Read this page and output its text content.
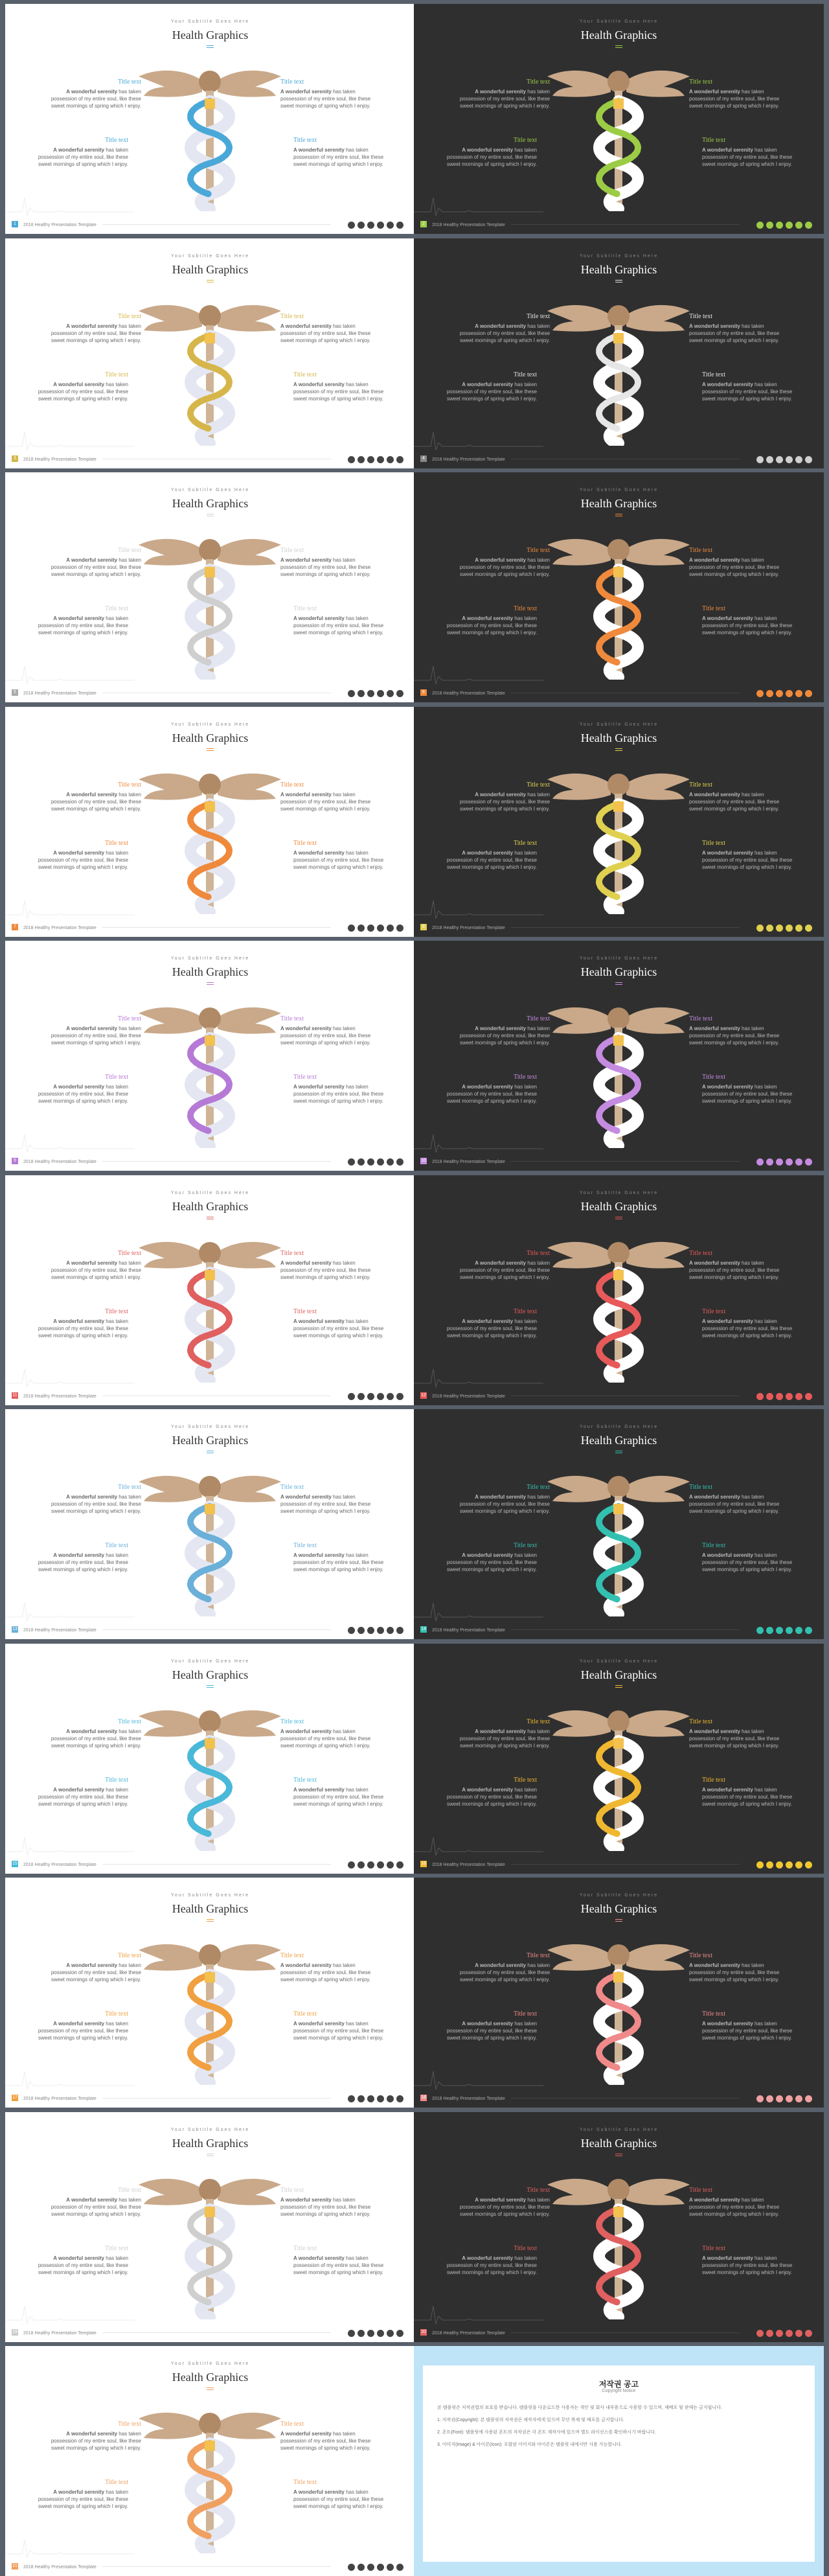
Your Subtitle Goes Here
Health Graphics
Title text
A wonderful serenity has taken possession of my entire soul, like these sweet mornings of spring which I enjoy.
Title text
A wonderful serenity has taken possession of my entire soul, like these sweet mornings of spring which I enjoy.
Title text
A wonderful serenity has taken possession of my entire soul, like these sweet mornings of spring which I enjoy.
Title text
A wonderful serenity has taken possession of my entire soul, like these sweet mornings of spring which I enjoy.
1	2018 Healthy Presentation Template
Your Subtitle Goes Here
Health Graphics
Title text
A wonderful serenity has taken possession of my entire soul, like these sweet mornings of spring which I enjoy.
Title text
A wonderful serenity has taken possession of my entire soul, like these sweet mornings of spring which I enjoy.
Title text
A wonderful serenity has taken possession of my entire soul, like these sweet mornings of spring which I enjoy.
Title text
A wonderful serenity has taken possession of my entire soul, like these sweet mornings of spring which I enjoy.
2	2018 Healthy Presentation Template
Your Subtitle Goes Here
Health Graphics
Title text
A wonderful serenity has taken possession of my entire soul, like these sweet mornings of spring which I enjoy.
Title text
A wonderful serenity has taken possession of my entire soul, like these sweet mornings of spring which I enjoy.
Title text
A wonderful serenity has taken possession of my entire soul, like these sweet mornings of spring which I enjoy.
Title text
A wonderful serenity has taken possession of my entire soul, like these sweet mornings of spring which I enjoy.
3	2018 Healthy Presentation Template
Your Subtitle Goes Here
Health Graphics
Title text
A wonderful serenity has taken possession of my entire soul, like these sweet mornings of spring which I enjoy.
Title text
A wonderful serenity has taken possession of my entire soul, like these sweet mornings of spring which I enjoy.
Title text
A wonderful serenity has taken possession of my entire soul, like these sweet mornings of spring which I enjoy.
Title text
A wonderful serenity has taken possession of my entire soul, like these sweet mornings of spring which I enjoy.
4	2018 Healthy Presentation Template
Your Subtitle Goes Here
Health Graphics
Title text
A wonderful serenity has taken possession of my entire soul, like these sweet mornings of spring which I enjoy.
Title text
A wonderful serenity has taken possession of my entire soul, like these sweet mornings of spring which I enjoy.
Title text
A wonderful serenity has taken possession of my entire soul, like these sweet mornings of spring which I enjoy.
Title text
A wonderful serenity has taken possession of my entire soul, like these sweet mornings of spring which I enjoy.
5	2018 Healthy Presentation Template
Your Subtitle Goes Here
Health Graphics
Title text
A wonderful serenity has taken possession of my entire soul, like these sweet mornings of spring which I enjoy.
Title text
A wonderful serenity has taken possession of my entire soul, like these sweet mornings of spring which I enjoy.
Title text
A wonderful serenity has taken possession of my entire soul, like these sweet mornings of spring which I enjoy.
Title text
A wonderful serenity has taken possession of my entire soul, like these sweet mornings of spring which I enjoy.
6	2018 Healthy Presentation Template
Your Subtitle Goes Here
Health Graphics
Title text
A wonderful serenity has taken possession of my entire soul, like these sweet mornings of spring which I enjoy.
Title text
A wonderful serenity has taken possession of my entire soul, like these sweet mornings of spring which I enjoy.
Title text
A wonderful serenity has taken possession of my entire soul, like these sweet mornings of spring which I enjoy.
Title text
A wonderful serenity has taken possession of my entire soul, like these sweet mornings of spring which I enjoy.
7	2018 Healthy Presentation Template
Your Subtitle Goes Here
Health Graphics
Title text
A wonderful serenity has taken possession of my entire soul, like these sweet mornings of spring which I enjoy.
Title text
A wonderful serenity has taken possession of my entire soul, like these sweet mornings of spring which I enjoy.
Title text
A wonderful serenity has taken possession of my entire soul, like these sweet mornings of spring which I enjoy.
Title text
A wonderful serenity has taken possession of my entire soul, like these sweet mornings of spring which I enjoy.
8	2018 Healthy Presentation Template
Your Subtitle Goes Here
Health Graphics
Title text
A wonderful serenity has taken possession of my entire soul, like these sweet mornings of spring which I enjoy.
Title text
A wonderful serenity has taken possession of my entire soul, like these sweet mornings of spring which I enjoy.
Title text
A wonderful serenity has taken possession of my entire soul, like these sweet mornings of spring which I enjoy.
Title text
A wonderful serenity has taken possession of my entire soul, like these sweet mornings of spring which I enjoy.
9	2018 Healthy Presentation Template
Your Subtitle Goes Here
Health Graphics
Title text
A wonderful serenity has taken possession of my entire soul, like these sweet mornings of spring which I enjoy.
Title text
A wonderful serenity has taken possession of my entire soul, like these sweet mornings of spring which I enjoy.
Title text
A wonderful serenity has taken possession of my entire soul, like these sweet mornings of spring which I enjoy.
Title text
A wonderful serenity has taken possession of my entire soul, like these sweet mornings of spring which I enjoy.
10 2018 Healthy Presentation Template
Your Subtitle Goes Here
Health Graphics
Title text
A wonderful serenity has taken possession of my entire soul, like these sweet mornings of spring which I enjoy.
Title text
A wonderful serenity has taken possession of my entire soul, like these sweet mornings of spring which I enjoy.
Title text
A wonderful serenity has taken possession of my entire soul, like these sweet mornings of spring which I enjoy.
Title text
A wonderful serenity has taken possession of my entire soul, like these sweet mornings of spring which I enjoy.
11 2018 Healthy Presentation Template
Your Subtitle Goes Here
Health Graphics
Title text
A wonderful serenity has taken possession of my entire soul, like these sweet mornings of spring which I enjoy.
Title text
A wonderful serenity has taken possession of my entire soul, like these sweet mornings of spring which I enjoy.
Title text
A wonderful serenity has taken possession of my entire soul, like these sweet mornings of spring which I enjoy.
Title text
A wonderful serenity has taken possession of my entire soul, like these sweet mornings of spring which I enjoy.
12 2018 Healthy Presentation Template
Your Subtitle Goes Here
Health Graphics
Title text
A wonderful serenity has taken possession of my entire soul, like these sweet mornings of spring which I enjoy.
Title text
A wonderful serenity has taken possession of my entire soul, like these sweet mornings of spring which I enjoy.
Title text
A wonderful serenity has taken possession of my entire soul, like these sweet mornings of spring which I enjoy.
Title text
A wonderful serenity has taken possession of my entire soul, like these sweet mornings of spring which I enjoy.
13 2018 Healthy Presentation Template
Your Subtitle Goes Here
Health Graphics
Title text
A wonderful serenity has taken possession of my entire soul, like these sweet mornings of spring which I enjoy.
Title text
A wonderful serenity has taken possession of my entire soul, like these sweet mornings of spring which I enjoy.
Title text
A wonderful serenity has taken possession of my entire soul, like these sweet mornings of spring which I enjoy.
Title text
A wonderful serenity has taken possession of my entire soul, like these sweet mornings of spring which I enjoy.
14 2018 Healthy Presentation Template
Your Subtitle Goes Here
Health Graphics
Title text
A wonderful serenity has taken possession of my entire soul, like these sweet mornings of spring which I enjoy.
Title text
A wonderful serenity has taken possession of my entire soul, like these sweet mornings of spring which I enjoy.
Title text
A wonderful serenity has taken possession of my entire soul, like these sweet mornings of spring which I enjoy.
Title text
A wonderful serenity has taken possession of my entire soul, like these sweet mornings of spring which I enjoy.
15 2018 Healthy Presentation Template
Your Subtitle Goes Here
Health Graphics
Title text
A wonderful serenity has taken possession of my entire soul, like these sweet mornings of spring which I enjoy.
Title text
A wonderful serenity has taken possession of my entire soul, like these sweet mornings of spring which I enjoy.
Title text
A wonderful serenity has taken possession of my entire soul, like these sweet mornings of spring which I enjoy.
Title text
A wonderful serenity has taken possession of my entire soul, like these sweet mornings of spring which I enjoy.
16 2018 Healthy Presentation Template
Your Subtitle Goes Here
Health Graphics
Title text
A wonderful serenity has taken possession of my entire soul, like these sweet mornings of spring which I enjoy.
Title text
A wonderful serenity has taken possession of my entire soul, like these sweet mornings of spring which I enjoy.
Title text
A wonderful serenity has taken possession of my entire soul, like these sweet mornings of spring which I enjoy.
Title text
A wonderful serenity has taken possession of my entire soul, like these sweet mornings of spring which I enjoy.
17 2018 Healthy Presentation Template
Your Subtitle Goes Here
Health Graphics
Title text
A wonderful serenity has taken possession of my entire soul, like these sweet mornings of spring which I enjoy.
Title text
A wonderful serenity has taken possession of my entire soul, like these sweet mornings of spring which I enjoy.
Title text
A wonderful serenity has taken possession of my entire soul, like these sweet mornings of spring which I enjoy.
Title text
A wonderful serenity has taken possession of my entire soul, like these sweet mornings of spring which I enjoy.
18 2018 Healthy Presentation Template
Your Subtitle Goes Here
Health Graphics
Title text
A wonderful serenity has taken possession of my entire soul, like these sweet mornings of spring which I enjoy.
Title text
A wonderful serenity has taken possession of my entire soul, like these sweet mornings of spring which I enjoy.
Title text
A wonderful serenity has taken possession of my entire soul, like these sweet mornings of spring which I enjoy.
Title text
A wonderful serenity has taken possession of my entire soul, like these sweet mornings of spring which I enjoy.
19 2018 Healthy Presentation Template
Your Subtitle Goes Here
Health Graphics
Title text
A wonderful serenity has taken possession of my entire soul, like these sweet mornings of spring which I enjoy.
Title text
A wonderful serenity has taken possession of my entire soul, like these sweet mornings of spring which I enjoy.
Title text
A wonderful serenity has taken possession of my entire soul, like these sweet mornings of spring which I enjoy.
Title text
A wonderful serenity has taken possession of my entire soul, like these sweet mornings of spring which I enjoy.
20 2018 Healthy Presentation Template
Your Subtitle Goes Here
Health Graphics
Title text
A wonderful serenity has taken possession of my entire soul, like these sweet mornings of spring which I enjoy.
Title text
A wonderful serenity has taken possession of my entire soul, like these sweet mornings of spring which I enjoy.
Title text
A wonderful serenity has taken possession of my entire soul, like these sweet mornings of spring which I enjoy.
Title text
A wonderful serenity has taken possession of my entire soul, like these sweet mornings of spring which I enjoy.
21 2018 Healthy Presentation Template
저작권 공고
Copyright Notice

본 템플릿은 저작권법의 보호를 받습니다. 템플릿을 다운로드한 사용자는 개인 및 회사 내부용으로 사용할 수 있으며, 재배포 및 판매는 금지됩니다.

1. 저작권(Copyright): 본 템플릿의 저작권은 제작자에게 있으며 무단 복제 및 배포를 금지합니다.

2. 폰트(Font): 템플릿에 사용된 폰트의 저작권은 각 폰트 제작사에 있으며 별도 라이선스를 확인하시기 바랍니다.

3. 이미지(Image) & 아이콘(Icon): 포함된 이미지와 아이콘은 템플릿 내에서만 사용 가능합니다.
